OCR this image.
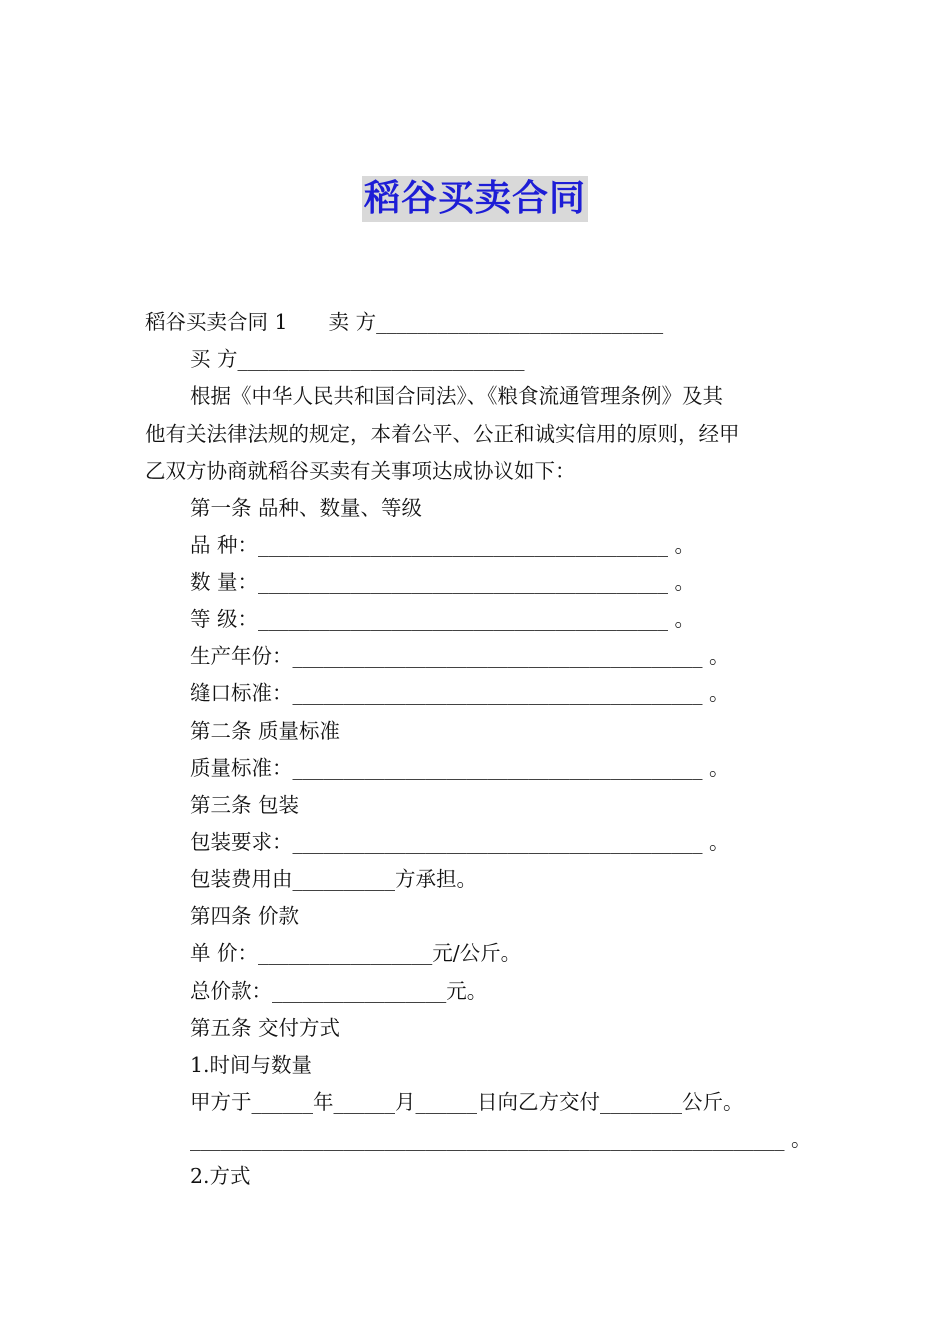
稻谷买卖合同
稻谷买卖合同 1　　卖 方____________________________
买 方____________________________
根据《中华人民共和国合同法》、《粮食流通管理条例》及其
他有关法律法规的规定，本着公平、公正和诚实信用的原则，经甲
乙双方协商就稻谷买卖有关事项达成协议如下：
第一条 品种、数量、等级
品 种：________________________________________ 。
数 量：________________________________________ 。
等 级：________________________________________ 。
生产年份：________________________________________ 。
缝口标准：________________________________________ 。
第二条 质量标准
质量标准：________________________________________ 。
第三条 包装
包装要求：________________________________________ 。
包装费用由__________方承担。
第四条 价款
单 价：_________________元/公斤。
总价款：_________________元。
第五条 交付方式
1.时间与数量
甲方于______年______月______日向乙方交付________公斤。
__________________________________________________________ 。
2.方式
